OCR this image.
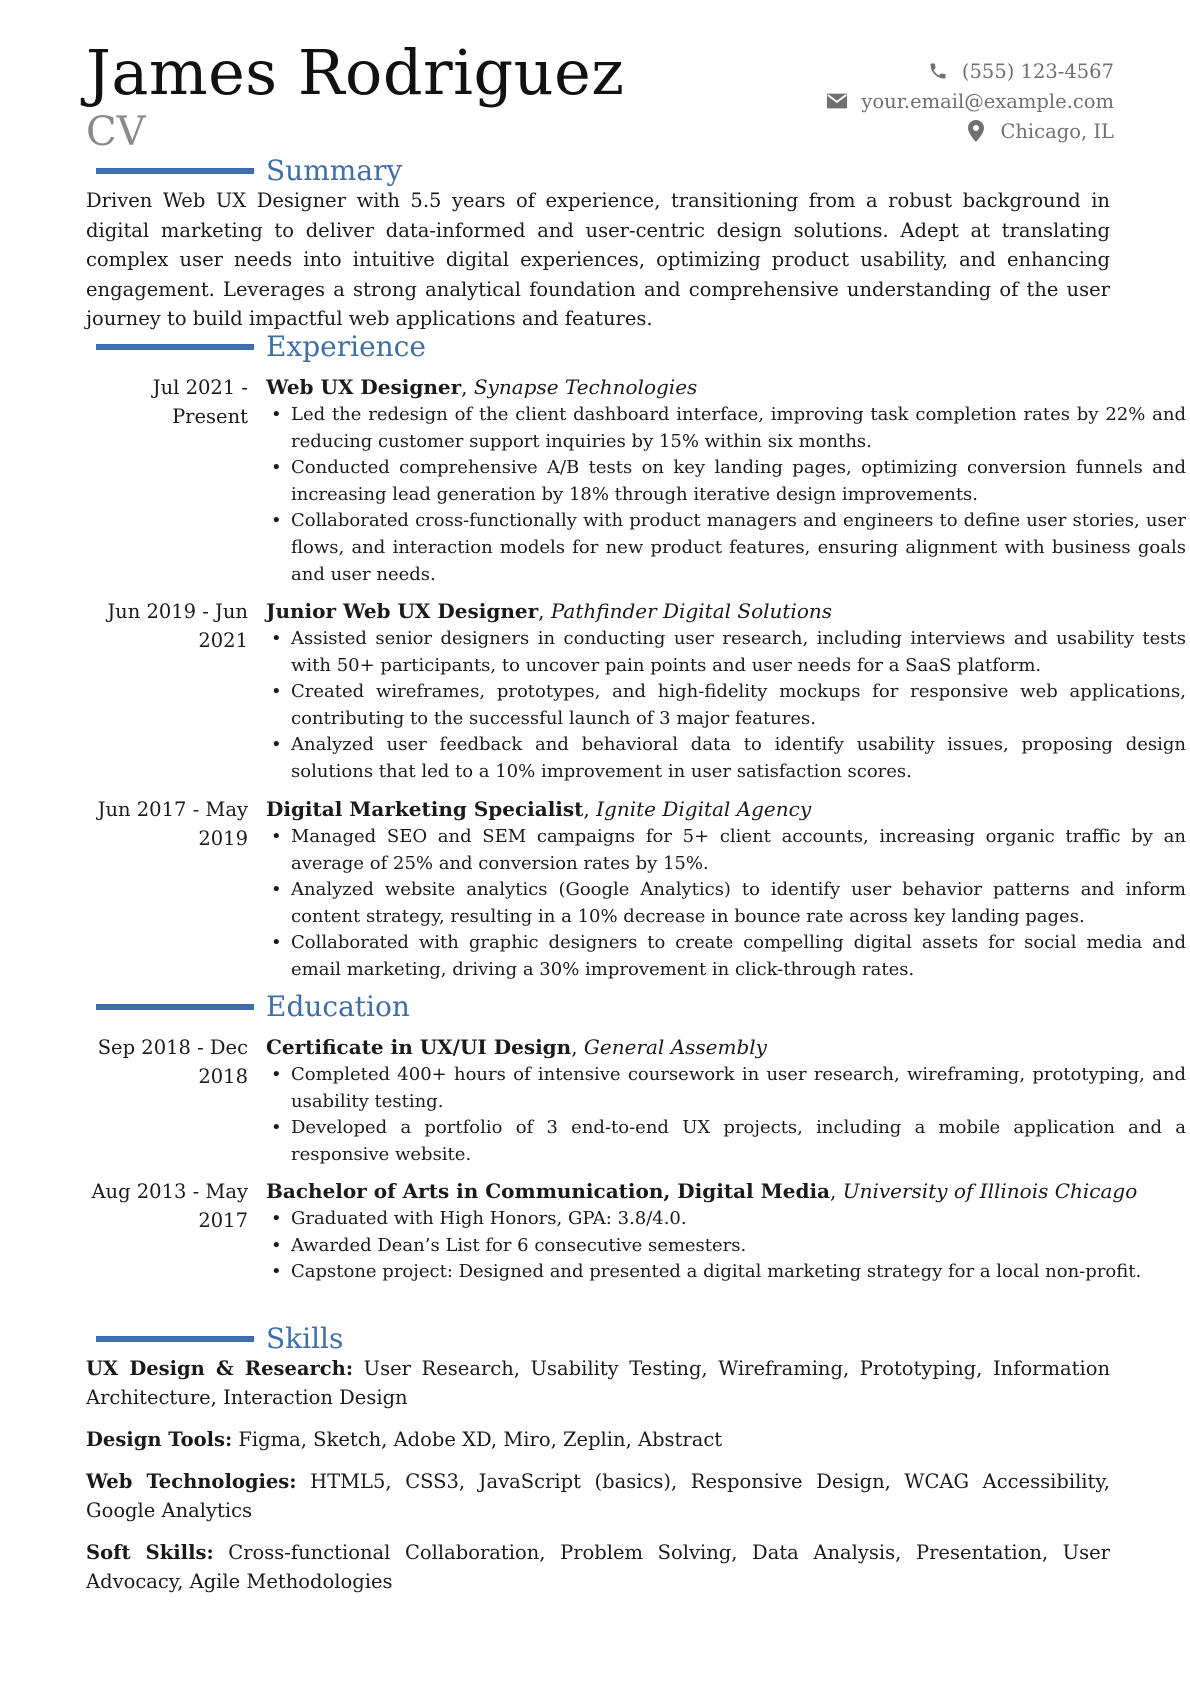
James Rodriguez
CV
(555) 123-4567
your.email@example.com
Chicago, IL
Summary
Driven Web UX Designer with 5.5 years of experience, transitioning from a robust background in digital marketing to deliver data-informed and user-centric design solutions. Adept at translating complex user needs into intuitive digital experiences, optimizing product usability, and enhancing engagement. Leverages a strong analytical foundation and comprehensive understanding of the user journey to build impactful web applications and features.
Experience
Jul 2021 - Present
Web UX Designer, Synapse Technologies
• Led the redesign of the client dashboard interface, improving task completion rates by 22% and reducing customer support inquiries by 15% within six months.
• Conducted comprehensive A/B tests on key landing pages, optimizing conversion funnels and increasing lead generation by 18% through iterative design improvements.
• Collaborated cross-functionally with product managers and engineers to define user stories, user flows, and interaction models for new product features, ensuring alignment with business goals and user needs.
Jun 2019 - Jun 2021
Junior Web UX Designer, Pathfinder Digital Solutions
• Assisted senior designers in conducting user research, including interviews and usability tests with 50+ participants, to uncover pain points and user needs for a SaaS platform.
• Created wireframes, prototypes, and high-fidelity mockups for responsive web applications, contributing to the successful launch of 3 major features.
• Analyzed user feedback and behavioral data to identify usability issues, proposing design solutions that led to a 10% improvement in user satisfaction scores.
Jun 2017 - May 2019
Digital Marketing Specialist, Ignite Digital Agency
• Managed SEO and SEM campaigns for 5+ client accounts, increasing organic traffic by an average of 25% and conversion rates by 15%.
• Analyzed website analytics (Google Analytics) to identify user behavior patterns and inform content strategy, resulting in a 10% decrease in bounce rate across key landing pages.
• Collaborated with graphic designers to create compelling digital assets for social media and email marketing, driving a 30% improvement in click-through rates.
Education
Sep 2018 - Dec 2018
Certificate in UX/UI Design, General Assembly
• Completed 400+ hours of intensive coursework in user research, wireframing, prototyping, and usability testing.
• Developed a portfolio of 3 end-to-end UX projects, including a mobile application and a responsive website.
Aug 2013 - May 2017
Bachelor of Arts in Communication, Digital Media, University of Illinois Chicago
• Graduated with High Honors, GPA: 3.8/4.0.
• Awarded Dean’s List for 6 consecutive semesters.
• Capstone project: Designed and presented a digital marketing strategy for a local non-profit.
Skills

UX Design & Research: User Research, Usability Testing, Wireframing, Prototyping, Information Architecture, Interaction Design

Design Tools: Figma, Sketch, Adobe XD, Miro, Zeplin, Abstract

Web Technologies: HTML5, CSS3, JavaScript (basics), Responsive Design, WCAG Accessibility, Google Analytics

Soft Skills: Cross-functional Collaboration, Problem Solving, Data Analysis, Presentation, User Advocacy, Agile Methodologies
